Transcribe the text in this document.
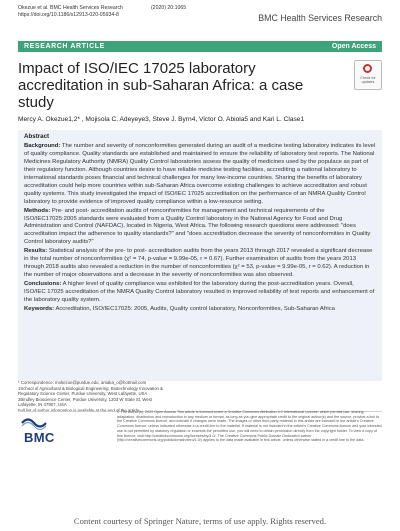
Okezue et al. BMC Health Services Research	(2020) 20:1065
https://doi.org/10.1186/s12913-020-05934-8	BMC Health Services Research
RESEARCH ARTICLE	Open Access
Impact of ISO/IEC 17025 laboratory accreditation in sub-Saharan Africa: a case study
Check for
updates
Mercy A. Okezue1,2* , Mojisola C. Adeyeye3, Steve J. Byrn4, Victor O. Abiola5 and Kari L. Clase1
Abstract

Background: The number and severity of nonconformities generated during an audit of a medicine testing laboratory indicates its level of quality compliance. Quality standards are established and maintained to ensure the reliability of laboratory test reports. The National Medicines Regulatory Authority (NMRA) Quality Control laboratories assess the quality of medicines used by the populace as part of their regulatory function. Although countries desire to have reliable medicine testing facilities, accrediting a national laboratory to international standards poses financial and technical challenges for many low-income countries. Sharing the benefits of laboratory accreditation could help more countries within sub-Saharan Africa overcome existing challenges to achieve accreditation and robust quality systems. This study investigated the impact of ISO/IEC 17025 accreditation on the performance of an NMRA Quality Control laboratory to provide evidence of improved quality compliance within a low-resource setting.

Methods: Pre- and post- accreditation audits of nonconformities for management and technical requirements of the ISO/IEC17025:2005 standards were evaluated from a Quality Control laboratory in the National Agency for Food and Drug Administration and Control (NAFDAC), located in Nigeria, West Africa. The following research questions were addressed: "does accreditation impact the adherence to quality standards?" and "does accreditation decrease the severity of nonconformities in Quality Control laboratory audits?"

Results: Statistical analysis of the pre- to post- accreditation audits from the years 2013 through 2017 revealed a significant decrease in the total number of nonconformities (χ² = 74, p-value = 9.99e-05, r = 0.67). Further examination of audits from the years 2013 through 2018 audits also revealed a reduction in the number of nonconformities (χ² = 53, p-value = 9.99e-05, r = 0.62). A reduction in the number of major observations and a decrease in the severity of nonconformities was also observed.

Conclusions: A higher level of quality compliance was exhibited for the laboratory during the post-accreditation years. Overall, ISO/IEC 17025 accreditation of the NMRA Quality Control laboratory resulted in improved reliability of test reports and enhancement of the laboratory quality system.

Keywords: Accreditation, ISO/IEC17025: 2005, Audits, Quality control laboratory, Nonconformities, Sub-Saharan Africa

* Correspondence: mokezue@purdue.edu; amaka_o@hotmail.com
1School of Agricultural & Biological Engineering, Biotechnology Innovation &
Regulatory Science Center, Purdue University, West Lafayette, USA
2Bindley Bioscience Center, Purdue University, 1203 W State St, West
Lafayette, IN 47907, USA
BMC
© The Author(s). 2020 Open Access This article is licensed under a Creative Commons Attribution 4.0 International License, which permits use, sharing, adaptation, distribution and reproduction in any medium or format, as long as you give appropriate credit to the original author(s) and the source, provide a link to the Creative Commons licence, and indicate if changes were made. The images or other third party material in this article are included in the article's Creative Commons licence, unless indicated otherwise in a credit line to the material. If material is not included in the article's Creative Commons licence and your intended use is not permitted by statutory regulation or exceeds the permitted use, you will need to obtain permission directly from the copyright holder. To view a copy of this licence, visit http://creativecommons.org/licenses/by/4.0/. The Creative Commons Public Domain Dedication waiver (http://creativecommons.org/publicdomain/zero/1.0/) applies to the data made available in this article, unless otherwise stated in a credit line to the data.
Content courtesy of Springer Nature, terms of use apply. Rights reserved.
